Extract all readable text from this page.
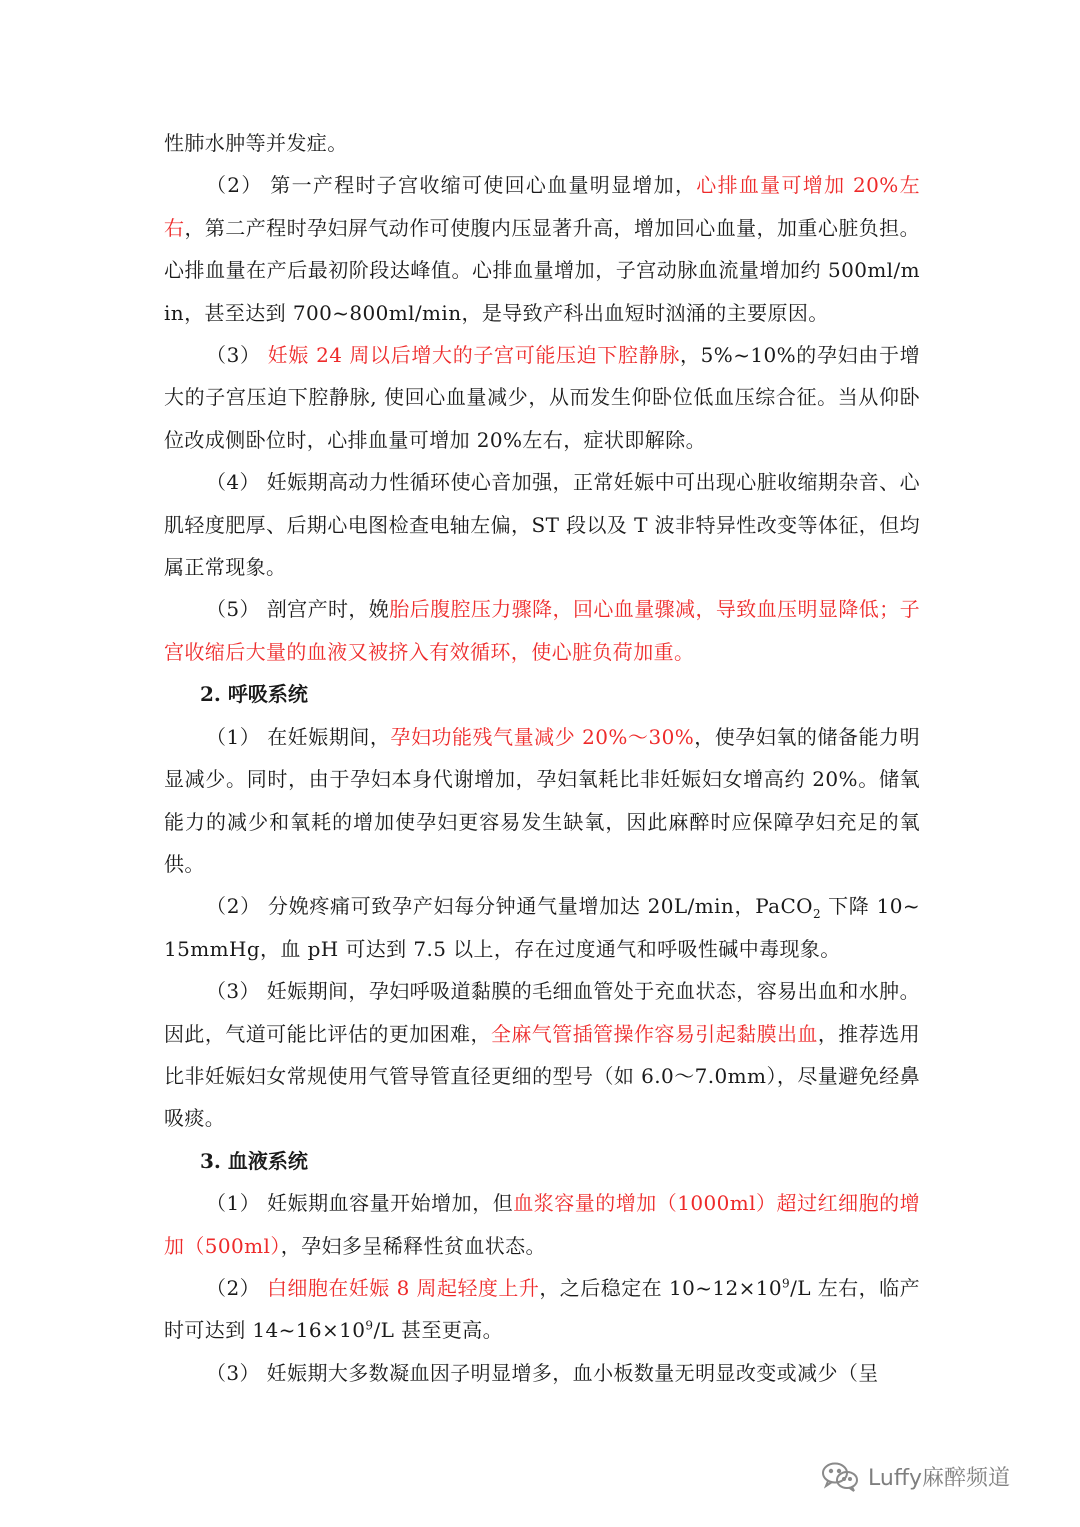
性肺水肿等并发症。

（2） 第一产程时子宫收缩可使回心血量明显增加，心排血量可增加 20%左右，第二产程时孕妇屏气动作可使腹内压显著升高，增加回心血量，加重心脏负担。心排血量在产后最初阶段达峰值。心排血量增加，子宫动脉血流量增加约 500ml/min，甚至达到 700~800ml/min，是导致产科出血短时汹涌的主要原因。

（3） 妊娠 24 周以后增大的子宫可能压迫下腔静脉，5%~10%的孕妇由于增大的子宫压迫下腔静脉, 使回心血量减少，从而发生仰卧位低血压综合征。当从仰卧位改成侧卧位时，心排血量可增加 20%左右，症状即解除。

（4） 妊娠期高动力性循环使心音加强，正常妊娠中可出现心脏收缩期杂音、心肌轻度肥厚、后期心电图检查电轴左偏，ST 段以及 T 波非特异性改变等体征，但均属正常现象。

（5） 剖宫产时，娩胎后腹腔压力骤降，回心血量骤减，导致血压明显降低；子宫收缩后大量的血液又被挤入有效循环，使心脏负荷加重。

2. 呼吸系统

（1） 在妊娠期间，孕妇功能残气量减少 20%～30%，使孕妇氧的储备能力明显减少。同时，由于孕妇本身代谢增加，孕妇氧耗比非妊娠妇女增高约 20%。储氧能力的减少和氧耗的增加使孕妇更容易发生缺氧，因此麻醉时应保障孕妇充足的氧供。

（2） 分娩疼痛可致孕产妇每分钟通气量增加达 20L/min，PaCO$_2$ 下降 10~15mmHg，血 pH 可达到 7.5 以上，存在过度通气和呼吸性碱中毒现象。

（3） 妊娠期间，孕妇呼吸道黏膜的毛细血管处于充血状态，容易出血和水肿。因此，气道可能比评估的更加困难，全麻气管插管操作容易引起黏膜出血，推荐选用比非妊娠妇女常规使用气管导管直径更细的型号（如 6.0～7.0mm），尽量避免经鼻吸痰。

3. 血液系统

（1） 妊娠期血容量开始增加，但血浆容量的增加（1000ml）超过红细胞的增加（500ml），孕妇多呈稀释性贫血状态。

（2） 白细胞在妊娠 8 周起轻度上升，之后稳定在 $10\sim 12\times 10^9/L$ 左右，临产时可达到 $14\sim 16\times 10^9/L$ 甚至更高。

（3） 妊娠期大多数凝血因子明显增多，血小板数量无明显改变或减少（呈

Luffy麻醉频道
